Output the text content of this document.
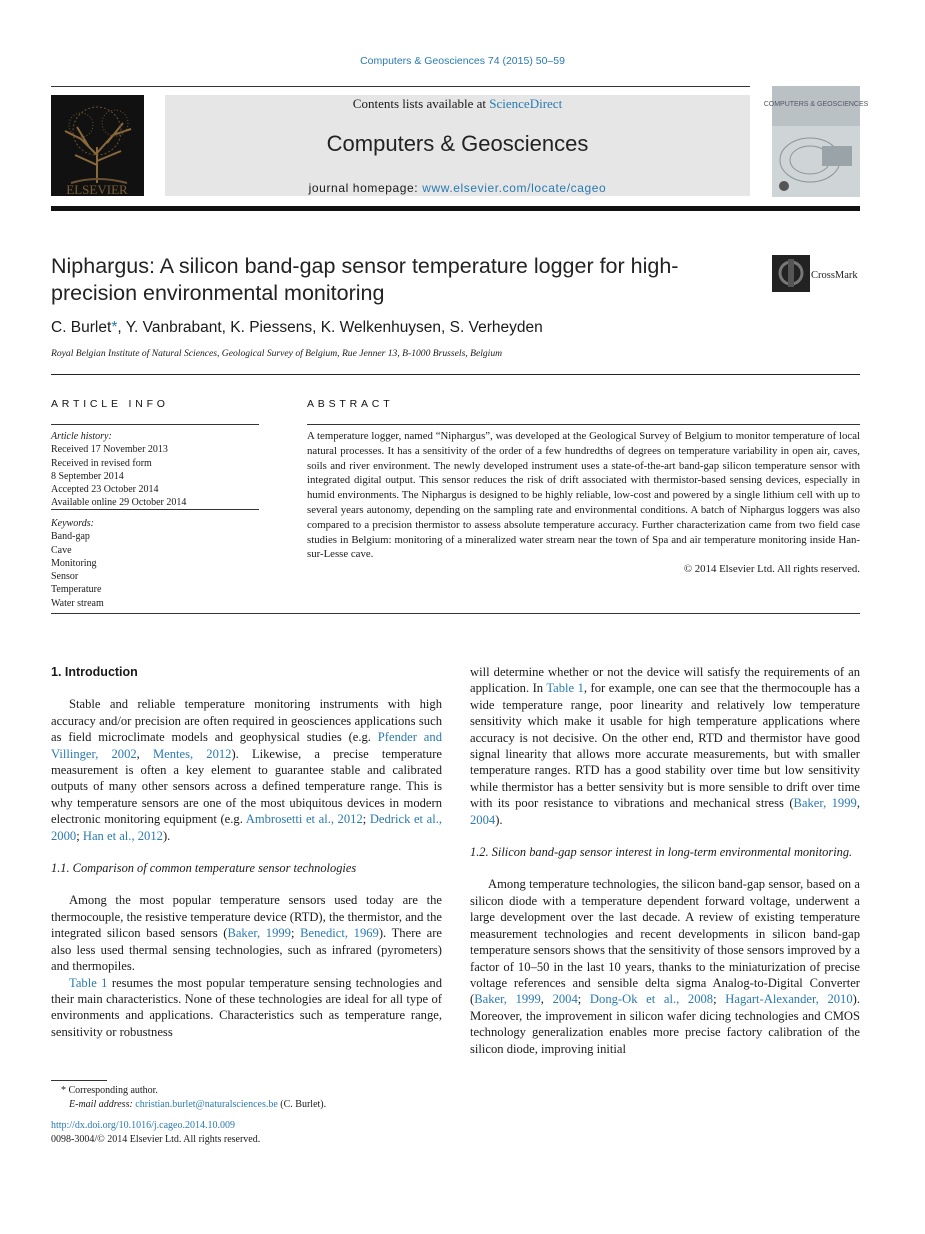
Computers & Geosciences 74 (2015) 50–59
ELSEVIER
Contents lists available at ScienceDirect
Computers & Geosciences
journal homepage: www.elsevier.com/locate/cageo
COMPUTERS & GEOSCIENCES
Niphargus: A silicon band-gap sensor temperature logger for high-precision environmental monitoring
CrossMark
C. Burlet*, Y. Vanbrabant, K. Piessens, K. Welkenhuysen, S. Verheyden
Royal Belgian Institute of Natural Sciences, Geological Survey of Belgium, Rue Jenner 13, B-1000 Brussels, Belgium
ARTICLE INFO
Article history:
Received 17 November 2013
Received in revised form
8 September 2014
Accepted 23 October 2014
Available online 29 October 2014
Keywords:
Band-gap
Cave
Monitoring
Sensor
Temperature
Water stream
ABSTRACT
A temperature logger, named “Niphargus”, was developed at the Geological Survey of Belgium to monitor temperature of local natural processes. It has a sensitivity of the order of a few hundredths of degrees on temperature variability in open air, caves, soils and river environment. The newly developed instrument uses a state-of-the-art band-gap silicon temperature sensor with integrated digital output. This sensor reduces the risk of drift associated with thermistor-based sensing devices, especially in humid environments. The Niphargus is designed to be highly reliable, low-cost and powered by a single lithium cell with up to several years autonomy, depending on the sampling rate and environmental conditions. A batch of Niphargus loggers was also compared to a precision thermistor to assess absolute temperature accuracy. Further characterization came from two field case studies in Belgium: monitoring of a mineralized water stream near the town of Spa and air temperature monitoring inside Han-sur-Lesse cave.
© 2014 Elsevier Ltd. All rights reserved.
1. Introduction

Stable and reliable temperature monitoring instruments with high accuracy and/or precision are often required in geosciences applications such as field microclimate models and geophysical studies (e.g. Pfender and Villinger, 2002, Mentes, 2012). Likewise, a precise temperature measurement is often a key element to guarantee stable and calibrated outputs of many other sensors across a defined temperature range. This is why temperature sensors are one of the most ubiquitous devices in modern electronic monitoring equipment (e.g. Ambrosetti et al., 2012; Dedrick et al., 2000; Han et al., 2012).

1.1. Comparison of common temperature sensor technologies

Among the most popular temperature sensors used today are the thermocouple, the resistive temperature device (RTD), the thermistor, and the integrated silicon based sensors (Baker, 1999; Benedict, 1969). There are also less used thermal sensing technologies, such as infrared (pyrometers) and thermopiles.

Table 1 resumes the most popular temperature sensing technologies and their main characteristics. None of these technologies are ideal for all type of environments and applications. Characteristics such as temperature range, sensitivity or robustness

* Corresponding author.
E-mail address: christian.burlet@naturalsciences.be (C. Burlet).
http://dx.doi.org/10.1016/j.cageo.2014.10.009
0098-3004/© 2014 Elsevier Ltd. All rights reserved.

will determine whether or not the device will satisfy the requirements of an application. In Table 1, for example, one can see that the thermocouple has a wide temperature range, poor linearity and relatively low temperature sensitivity which make it usable for high temperature applications where accuracy is not decisive. On the other end, RTD and thermistor have good signal linearity that allows more accurate measurements, but with smaller temperature ranges. RTD has a good stability over time but low sensitivity while thermistor has a better sensivity but is more sensible to drift over time with its poor resistance to vibrations and mechanical stress (Baker, 1999, 2004).

1.2. Silicon band-gap sensor interest in long-term environmental monitoring.

Among temperature technologies, the silicon band-gap sensor, based on a silicon diode with a temperature dependent forward voltage, underwent a large development over the last decade. A review of existing temperature measurement technologies and recent developments in silicon band-gap temperature sensors shows that the sensitivity of those sensors improved by a factor of 10–50 in the last 10 years, thanks to the miniaturization of precise voltage references and sensible delta sigma Analog-to-Digital Converter (Baker, 1999, 2004; Dong-Ok et al., 2008; Hagart-Alexander, 2010). Moreover, the improvement in silicon wafer dicing technologies and CMOS technology generalization enables more precise factory calibration of the silicon diode, improving initial
